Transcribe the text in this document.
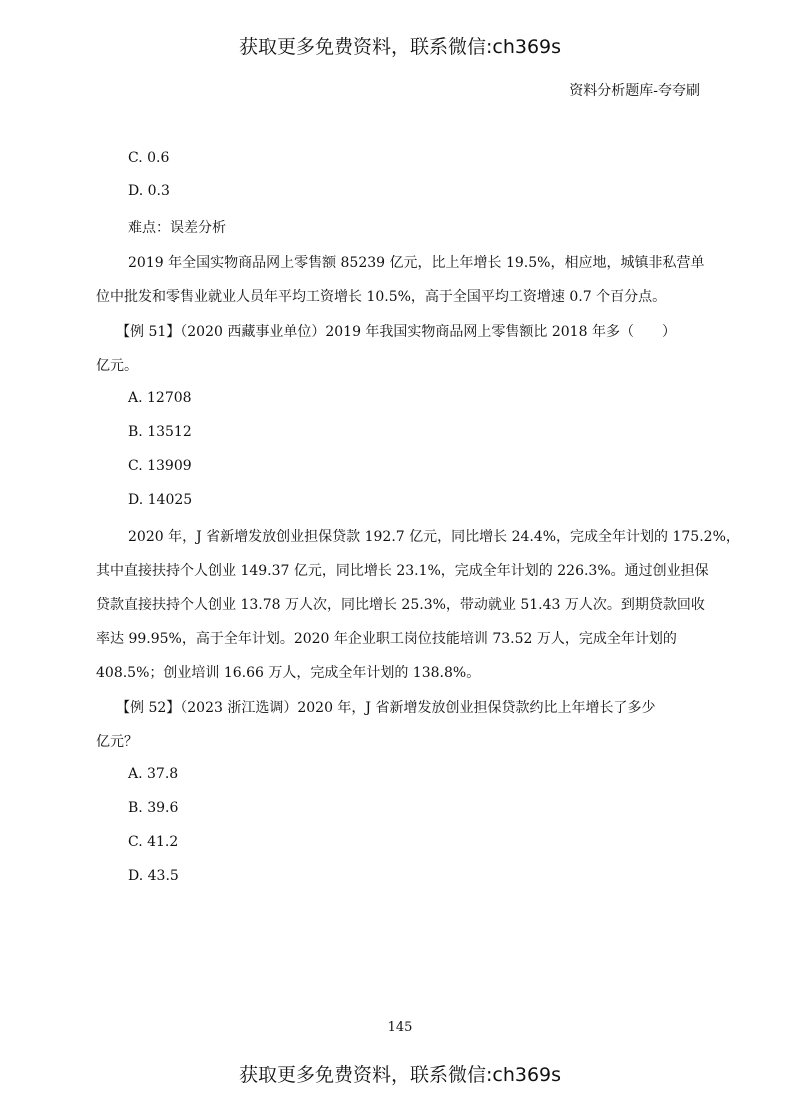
获取更多免费资料，联系微信:ch369s
资料分析题库-夸夸刷
C. 0.6
D. 0.3
难点：误差分析
2019 年全国实物商品网上零售额 85239 亿元，比上年增长 19.5%，相应地，城镇非私营单
位中批发和零售业就业人员年平均工资增长 10.5%，高于全国平均工资增速 0.7 个百分点。
【例 51】（2020 西藏事业单位）2019 年我国实物商品网上零售额比 2018 年多（　　）
亿元。
A. 12708
B. 13512
C. 13909
D. 14025
2020 年，J 省新增发放创业担保贷款 192.7 亿元，同比增长 24.4%，完成全年计划的 175.2%，
其中直接扶持个人创业 149.37 亿元，同比增长 23.1%，完成全年计划的 226.3%。通过创业担保
贷款直接扶持个人创业 13.78 万人次，同比增长 25.3%，带动就业 51.43 万人次。到期贷款回收
率达 99.95%，高于全年计划。2020 年企业职工岗位技能培训 73.52 万人，完成全年计划的
408.5%；创业培训 16.66 万人，完成全年计划的 138.8%。
【例 52】（2023 浙江选调）2020 年，J 省新增发放创业担保贷款约比上年增长了多少
亿元？
A. 37.8
B. 39.6
C. 41.2
D. 43.5
145
获取更多免费资料，联系微信:ch369s
